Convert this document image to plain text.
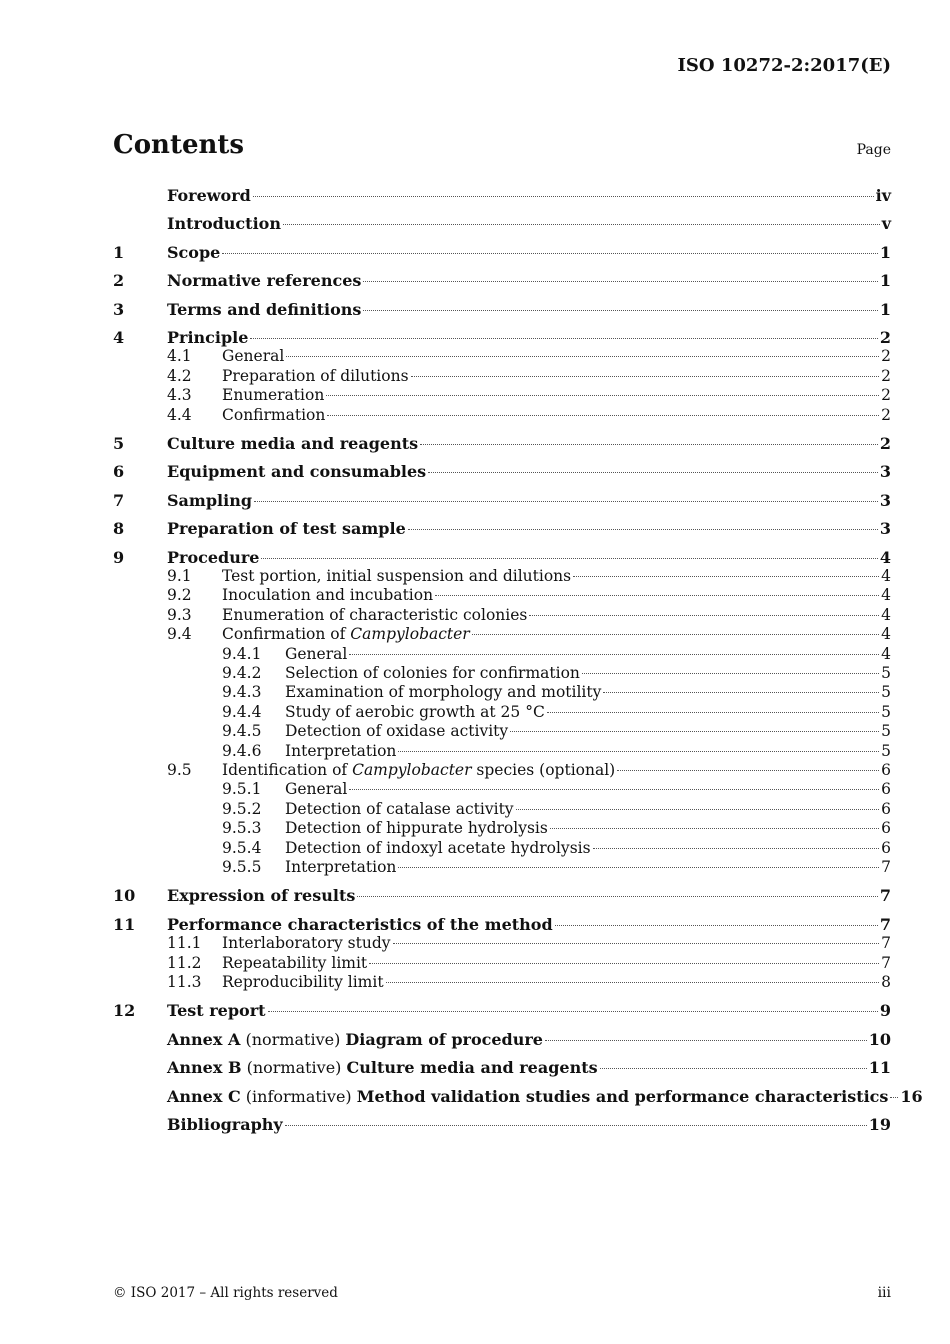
ISO 10272-2:2017(E)
Contents	Page
Foreword	iv
Introduction	v
1	Scope	1
2	Normative references	1
3	Terms and definitions	1
4	Principle	2
4.1	General	2
4.2	Preparation of dilutions	2
4.3	Enumeration	2
4.4	Confirmation	2
5	Culture media and reagents	2
6	Equipment and consumables	3
7	Sampling	3
8	Preparation of test sample	3
9	Procedure	4
9.1	Test portion, initial suspension and dilutions	4
9.2	Inoculation and incubation	4
9.3	Enumeration of characteristic colonies	4
9.4	Confirmation of Campylobacter	4
9.4.1	General	4
9.4.2	Selection of colonies for confirmation	5
9.4.3	Examination of morphology and motility	5
9.4.4	Study of aerobic growth at 25 °C	5
9.4.5	Detection of oxidase activity	5
9.4.6	Interpretation	5
9.5	Identification of Campylobacter species (optional)	6
9.5.1	General	6
9.5.2	Detection of catalase activity	6
9.5.3	Detection of hippurate hydrolysis	6
9.5.4	Detection of indoxyl acetate hydrolysis	6
9.5.5	Interpretation	7
10	Expression of results	7
11	Performance characteristics of the method	7
11.1	Interlaboratory study	7
11.2	Repeatability limit	7
11.3	Reproducibility limit	8
12	Test report	9
Annex A (normative) Diagram of procedure	10
Annex B (normative) Culture media and reagents	11
Annex C (informative) Method validation studies and performance characteristics 16
Bibliography	19
© ISO 2017 – All rights reserved	iii
